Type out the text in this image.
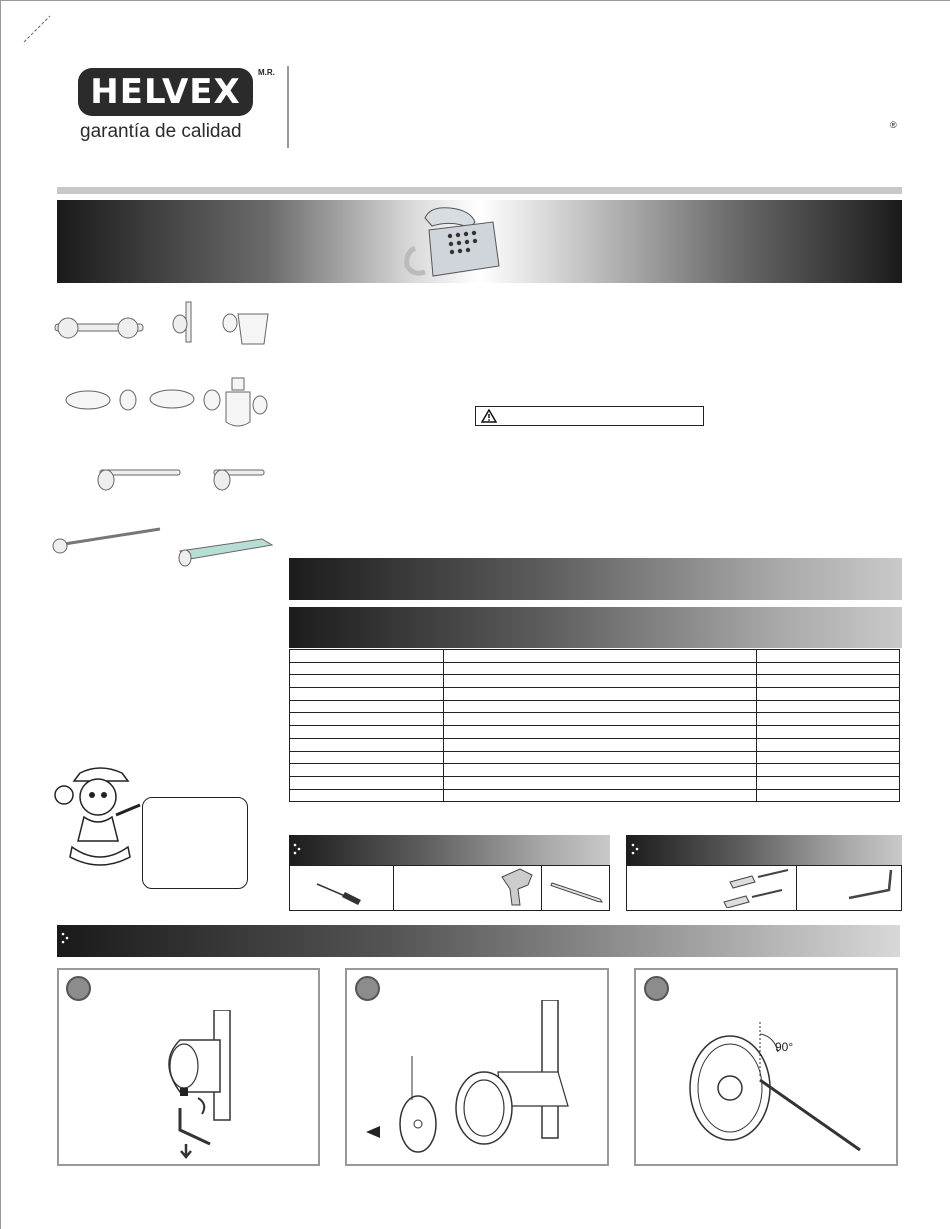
HELVEX	M.R.
garantía de calidad	®

90°
